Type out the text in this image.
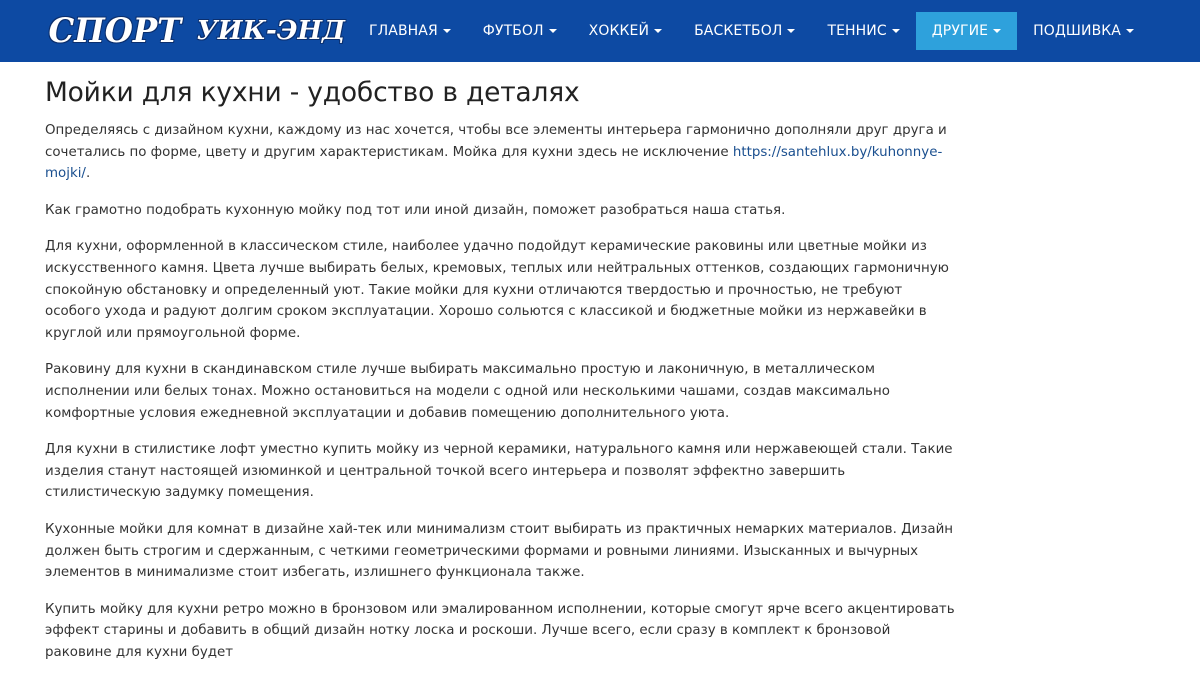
СПОРТ УИК-ЭНД ГЛАВНАЯ	ФУТБОЛ	ХОККЕЙ	БАСКЕТБОЛ	ТЕННИС	ДРУГИЕ	ПОДШИВКА
Мойки для кухни - удобство в деталях

Определяясь с дизайном кухни, каждому из нас хочется, чтобы все элементы интерьера гармонично дополняли друг друга и сочетались по форме, цвету и другим характеристикам. Мойка для кухни здесь не исключение https://santehlux.by/kuhonnye-mojki/.

Как грамотно подобрать кухонную мойку под тот или иной дизайн, поможет разобраться наша статья.

Для кухни, оформленной в классическом стиле, наиболее удачно подойдут керамические раковины или цветные мойки из искусственного камня. Цвета лучше выбирать белых, кремовых, теплых или нейтральных оттенков, создающих гармоничную спокойную обстановку и определенный уют. Такие мойки для кухни отличаются твердостью и прочностью, не требуют особого ухода и радуют долгим сроком эксплуатации. Хорошо сольются с классикой и бюджетные мойки из нержавейки в круглой или прямоугольной форме.

Раковину для кухни в скандинавском стиле лучше выбирать максимально простую и лаконичную, в металлическом исполнении или белых тонах. Можно остановиться на модели с одной или несколькими чашами, создав максимально комфортные условия ежедневной эксплуатации и добавив помещению дополнительного уюта.

Для кухни в стилистике лофт уместно купить мойку из черной керамики, натурального камня или нержавеющей стали. Такие изделия станут настоящей изюминкой и центральной точкой всего интерьера и позволят эффектно завершить стилистическую задумку помещения.

Кухонные мойки для комнат в дизайне хай-тек или минимализм стоит выбирать из практичных немарких материалов. Дизайн должен быть строгим и сдержанным, с четкими геометрическими формами и ровными линиями. Изысканных и вычурных элементов в минимализме стоит избегать, излишнего функционала также.

Купить мойку для кухни ретро можно в бронзовом или эмалированном исполнении, которые смогут ярче всего акцентировать эффект старины и добавить в общий дизайн нотку лоска и роскоши. Лучше всего, если сразу в комплект к бронзовой раковине для кухни будет
